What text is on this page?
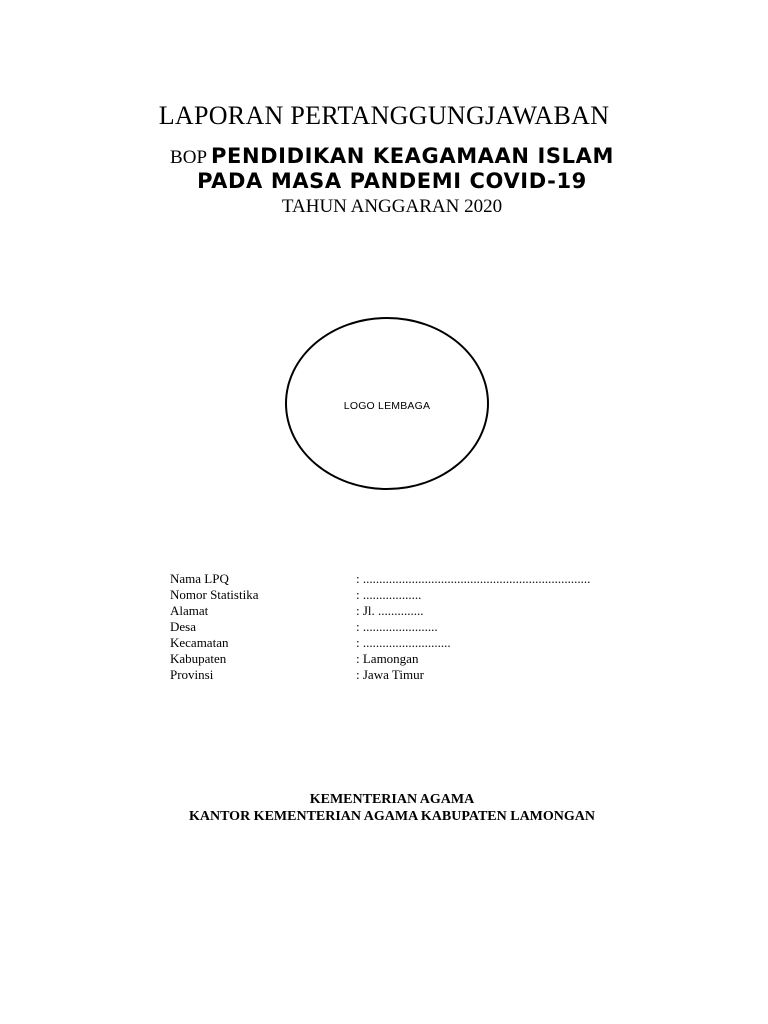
LAPORAN PERTANGGUNGJAWABAN

BOP PENDIDIKAN KEAGAMAAN ISLAM

PADA MASA PANDEMI COVID-19

TAHUN ANGGARAN 2020

LOGO LEMBAGA
Nama LPQ	: ......................................................................
Nomor Statistika	: ..................
Alamat	: Jl. ..............
Desa	: .......................
Kecamatan	: ...........................
Kabupaten	: Lamongan
Provinsi	: Jawa Timur

KEMENTERIAN AGAMA

KANTOR KEMENTERIAN AGAMA KABUPATEN LAMONGAN
